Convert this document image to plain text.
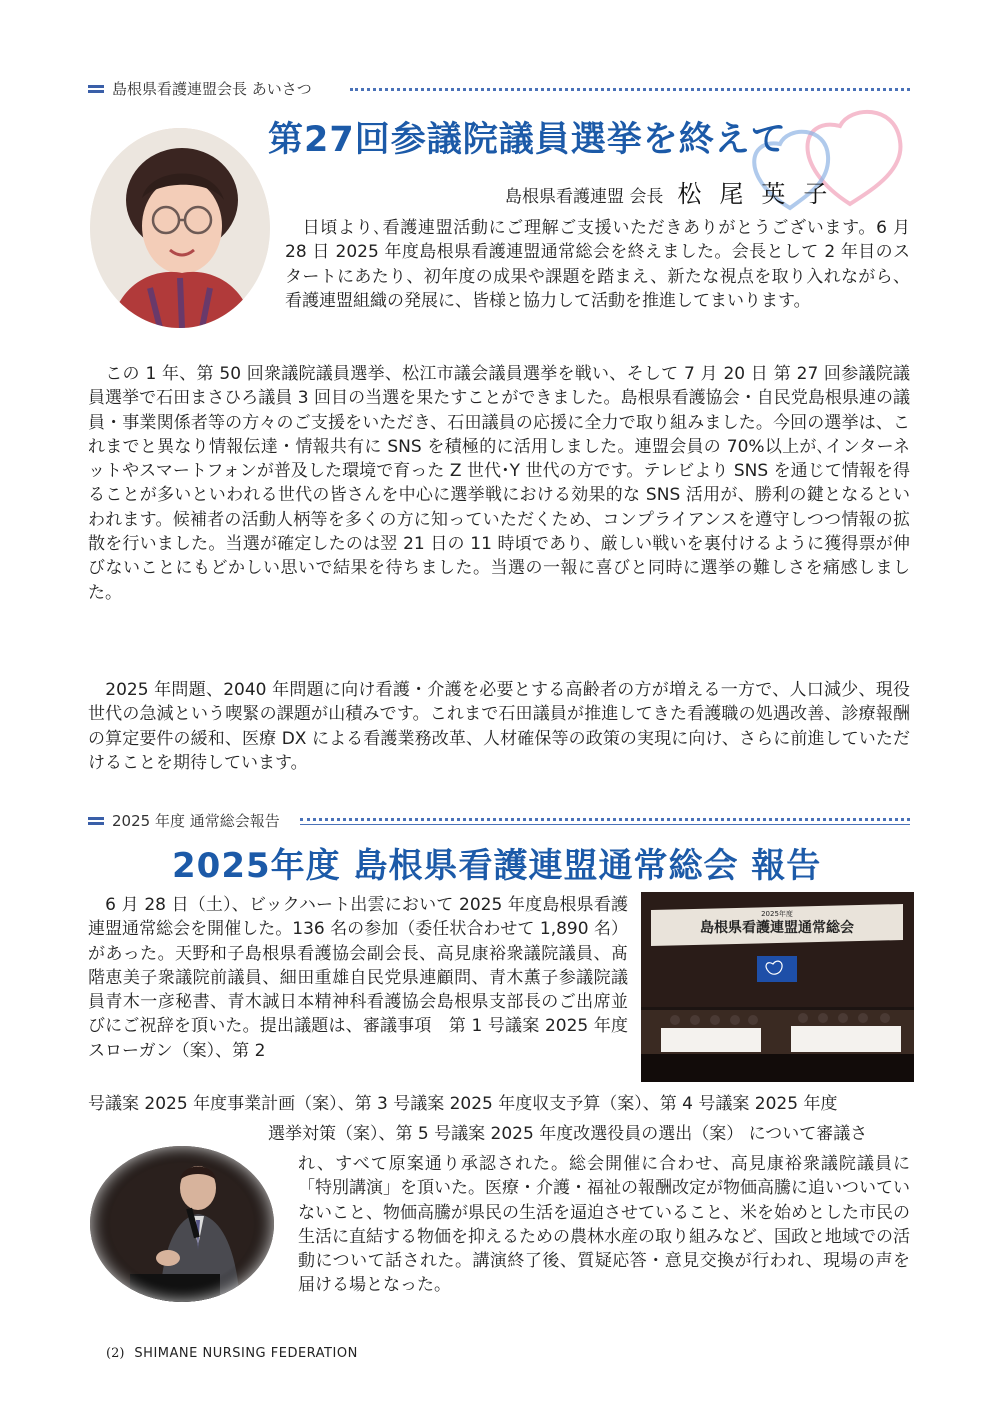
島根県看護連盟会長 あいさつ
第27回参議院議員選挙を終えて
島根県看護連盟 会長 松尾英子
　日頃より､看護連盟活動にご理解ご支援いただきありがとうございます。6 月 28 日 2025 年度島根県看護連盟通常総会を終えました。会長として 2 年目のスタートにあたり、初年度の成果や課題を踏まえ、新たな視点を取り入れながら、看護連盟組織の発展に、皆様と協力して活動を推進してまいります。
　この 1 年、第 50 回衆議院議員選挙、松江市議会議員選挙を戦い、そして 7 月 20 日 第 27 回参議院議員選挙で石田まさひろ議員 3 回目の当選を果たすことができました。島根県看護協会・自民党島根県連の議員・事業関係者等の方々のご支援をいただき、石田議員の応援に全力で取り組みました。今回の選挙は、これまでと異なり情報伝達・情報共有に SNS を積極的に活用しました。連盟会員の 70%以上が､インターネットやスマートフォンが普及した環境で育った Z 世代･Y 世代の方です。テレビより SNS を通じて情報を得ることが多いといわれる世代の皆さんを中心に選挙戦における効果的な SNS 活用が、勝利の鍵となるといわれます。候補者の活動人柄等を多くの方に知っていただくため、コンプライアンスを遵守しつつ情報の拡散を行いました。当選が確定したのは翌 21 日の 11 時頃であり、厳しい戦いを裏付けるように獲得票が伸びないことにもどかしい思いで結果を待ちました。当選の一報に喜びと同時に選挙の難しさを痛感しました。
　2025 年問題、2040 年問題に向け看護・介護を必要とする高齢者の方が増える一方で、人口減少、現役世代の急減という喫緊の課題が山積みです。これまで石田議員が推進してきた看護職の処遇改善、診療報酬の算定要件の緩和、医療 DX による看護業務改革、人材確保等の政策の実現に向け、さらに前進していただけることを期待しています。
2025 年度 通常総会報告
2025年度 島根県看護連盟通常総会 報告
2025年度
島根県看護連盟通常総会
　6 月 28 日（土）、ビックハート出雲において 2025 年度島根県看護連盟通常総会を開催した。136 名の参加（委任状合わせて 1,890 名）があった。天野和子島根県看護協会副会長、高見康裕衆議院議員、髙階恵美子衆議院前議員、細田重雄自民党県連顧問、青木薫子参議院議員青木一彦秘書、青木誠日本精神科看護協会島根県支部長のご出席並びにご祝辞を頂いた。提出議題は、審議事項　第 1 号議案 2025 年度スローガン（案）、第 2
号議案 2025 年度事業計画（案）、第 3 号議案 2025 年度収支予算（案）、第 4 号議案 2025 年度
選挙対策（案）、第 5 号議案 2025 年度改選役員の選出（案） について審議さ
れ、すべて原案通り承認された。総会開催に合わせ、高見康裕衆議院議員に「特別講演」を頂いた。医療・介護・福祉の報酬改定が物価高騰に追いついていないこと、物価高騰が県民の生活を逼迫させていること、米を始めとした市民の生活に直結する物価を抑えるための農林水産の取り組みなど、国政と地域での活動について話された。講演終了後、質疑応答・意見交換が行われ、現場の声を届ける場となった。
(2) SHIMANE NURSING FEDERATION
